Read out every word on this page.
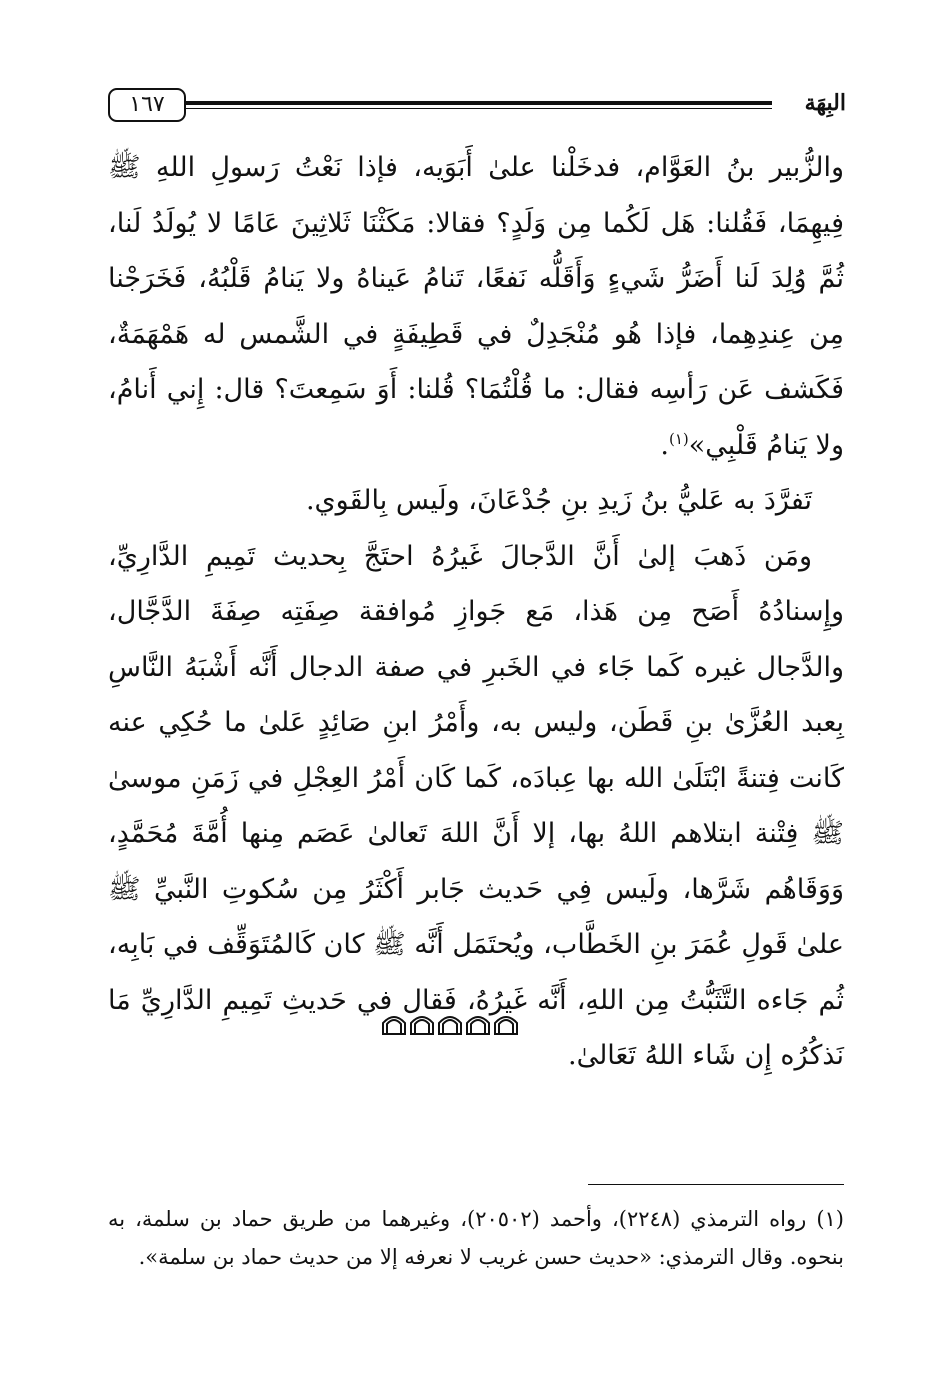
١٦٧	البِهَة

والزُّبير بنُ العَوَّام، فدخَلْنا علىٰ أَبَوَيه، فإذا نَعْتُ رَسولِ اللهِ ﷺ فِيهِمَا، فَقُلنا: هَل لَكُما مِن وَلَدٍ؟ فقالا: مَكَثْنَا ثَلاثِينَ عَامًا لا يُولَدُ لَنا، ثُمَّ وُلِدَ لَنا أَضَرُّ شَيءٍ وَأَقَلُّه نَفعًا، تَنامُ عَيناهُ ولا يَنامُ قَلْبُهُ، فَخَرَجْنا مِن عِندِهِما، فإذا هُو مُنْجَدِلٌ في قَطِيفَةٍ في الشَّمس له هَمْهَمَةٌ، فَكَشف عَن رَأسِه فقال: ما قُلْتُمَا؟ قُلنا: أَوَ سَمِعتَ؟ قال: إِني أَنامُ، ولا يَنامُ قَلْبِي»$^{(١)}$.

تَفرَّدَ به عَليُّ بنُ زَيدِ بنِ جُدْعَانَ، ولَيس بِالقَوي.

ومَن ذَهبَ إلىٰ أَنَّ الدَّجالَ غَيرُهُ احتَجَّ بِحديث تَمِيمِ الدَّارِيِّ، وإِسنادُهُ أَصَح مِن هَذا، مَع جَوازِ مُوافقة صِفَتِه صِفَةَ الدَّجَّال، والدَّجال غيره كَما جَاء في الخَبرِ في صفة الدجال أَنَّه أَشْبَهُ النَّاسِ بِعبد العُزَّىٰ بنِ قَطَن، وليس به، وأَمْرُ ابنِ صَائِدٍ عَلىٰ ما حُكِي عنه كَانت فِتنةً ابْتَلَىٰ الله بها عِبادَه، كَما كَان أَمْرُ العِجْلِ في زَمَنِ موسىٰ ﷺ فِتْنة ابتلاهم اللهُ بها، إلا أَنَّ اللهَ تَعالىٰ عَصَم مِنها أُمَّةَ مُحَمَّدٍ، وَوَقَاهُم شَرَّها، ولَيس فِي حَديث جَابر أَكْثَرُ مِن سُكوتِ النَّبيِّ ﷺ علىٰ قَولِ عُمَرَ بنِ الخَطَّاب، ويُحتَمَل أَنَّه ﷺ كان كَالمُتَوَقِّف في بَابِه، ثُم جَاءه التَّثَبُّتُ مِن اللهِ، أَنَّه غَيرُهُ، فَقال في حَديثِ تَمِيمِ الدَّارِيِّ مَا نَذكُرُه إِن شَاء اللهُ تَعَالىٰ.

(١) رواه الترمذي (٢٢٤٨)، وأحمد (٢٠٥٠٢)، وغيرهما من طريق حماد بن سلمة، به بنحوه. وقال الترمذي: «حديث حسن غريب لا نعرفه إلا من حديث حماد بن سلمة».
